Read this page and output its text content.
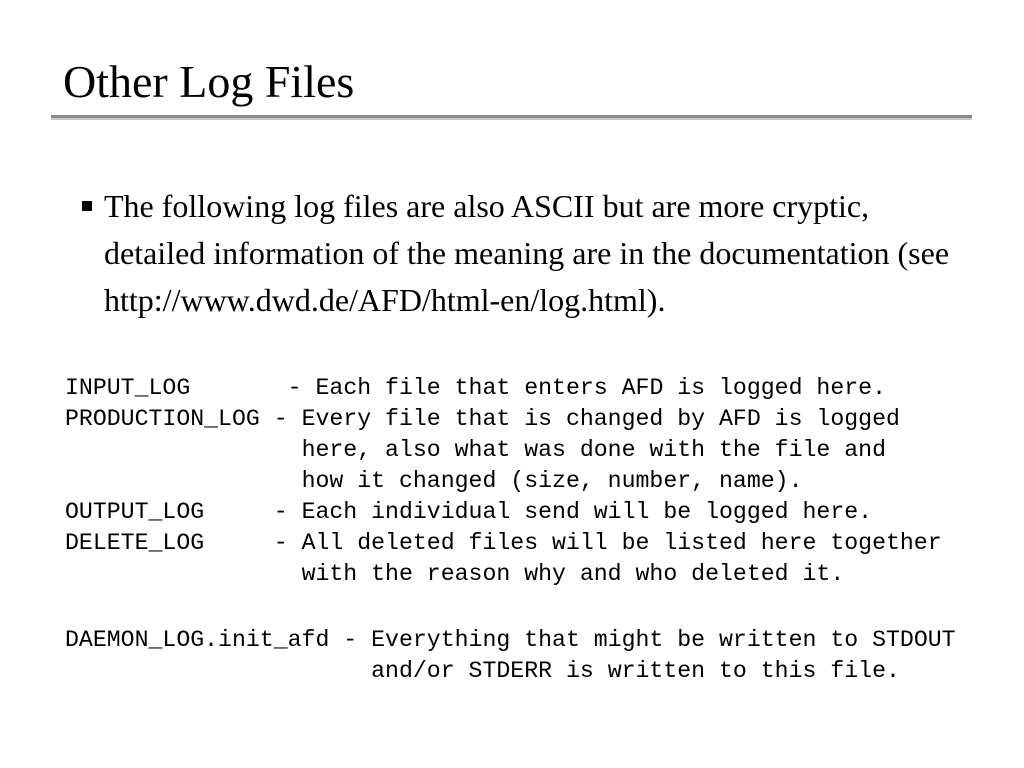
Other Log Files
The following log files are also ASCII but are more cryptic, detailed information of the meaning are in the documentation (see http://www.dwd.de/AFD/html-en/log.html).
INPUT_LOG - Each file that enters AFD is logged here.
PRODUCTION_LOG - Every file that is changed by AFD is logged
here, also what was done with the file and
how it changed (size, number, name).
OUTPUT_LOG - Each individual send will be logged here.
DELETE_LOG - All deleted files will be listed here together
with the reason why and who deleted it.
DAEMON_LOG.init_afd - Everything that might be written to STDOUT
and/or STDERR is written to this file.
